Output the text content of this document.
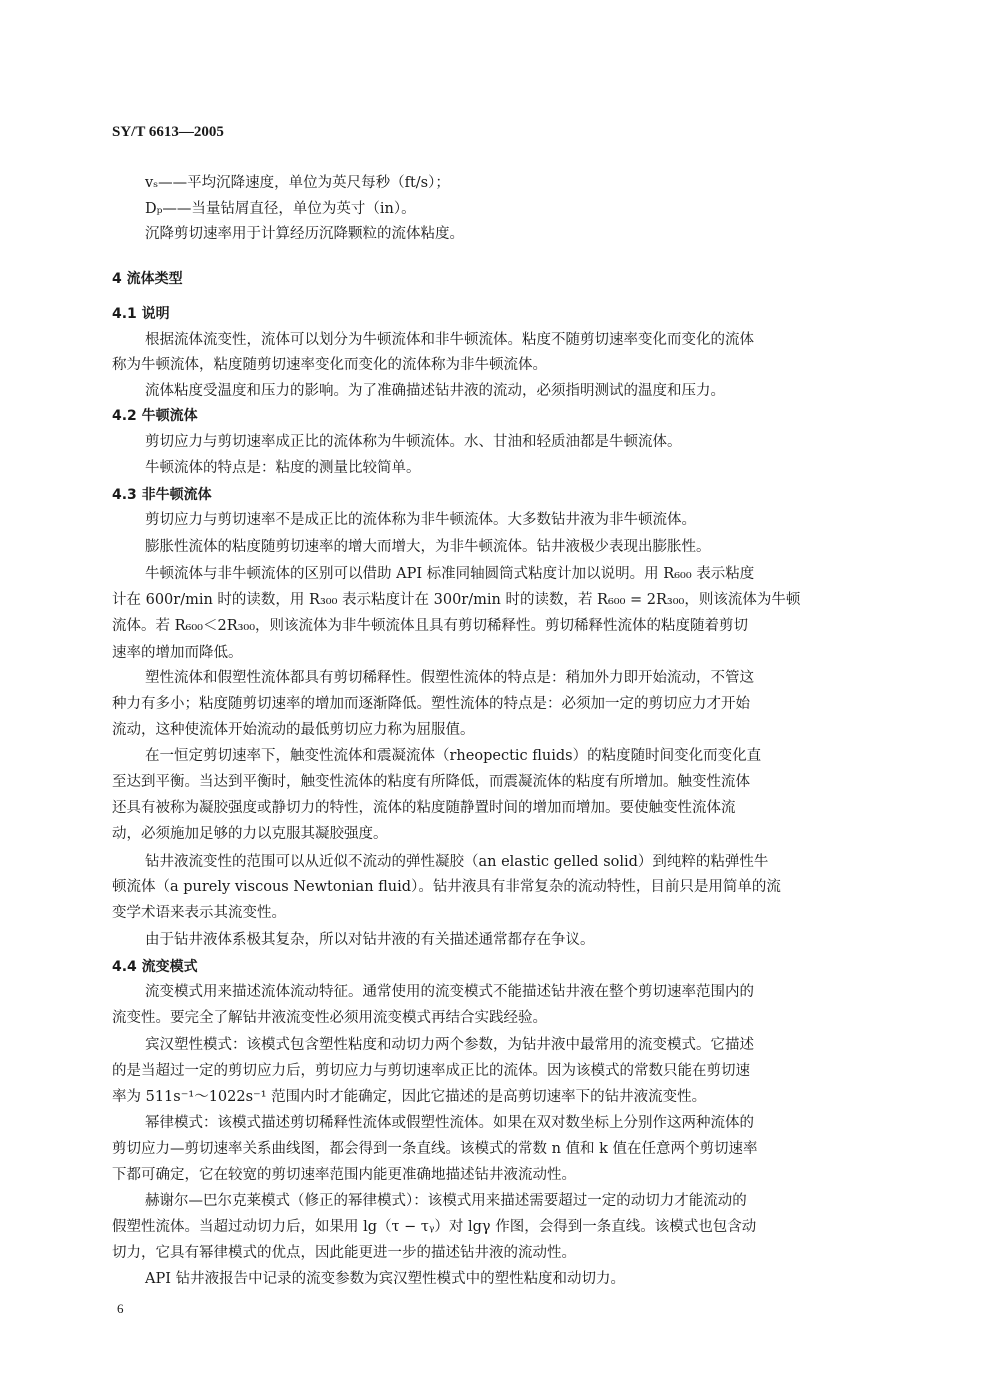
SY/T 6613—2005
vₛ——平均沉降速度，单位为英尺每秒（ft/s）；
Dₚ——当量钻屑直径，单位为英寸（in）。
沉降剪切速率用于计算经历沉降颗粒的流体粘度。
4 流体类型
4.1 说明
根据流体流变性，流体可以划分为牛顿流体和非牛顿流体。粘度不随剪切速率变化而变化的流体
称为牛顿流体，粘度随剪切速率变化而变化的流体称为非牛顿流体。
流体粘度受温度和压力的影响。为了准确描述钻井液的流动，必须指明测试的温度和压力。
4.2 牛顿流体
剪切应力与剪切速率成正比的流体称为牛顿流体。水、甘油和轻质油都是牛顿流体。
牛顿流体的特点是：粘度的测量比较简单。
4.3 非牛顿流体
剪切应力与剪切速率不是成正比的流体称为非牛顿流体。大多数钻井液为非牛顿流体。
膨胀性流体的粘度随剪切速率的增大而增大，为非牛顿流体。钻井液极少表现出膨胀性。
牛顿流体与非牛顿流体的区别可以借助 API 标准同轴圆筒式粘度计加以说明。用 R₆₀₀ 表示粘度
计在 600r/min 时的读数，用 R₃₀₀ 表示粘度计在 300r/min 时的读数，若 R₆₀₀ = 2R₃₀₀，则该流体为牛顿
流体。若 R₆₀₀＜2R₃₀₀，则该流体为非牛顿流体且具有剪切稀释性。剪切稀释性流体的粘度随着剪切
速率的增加而降低。
塑性流体和假塑性流体都具有剪切稀释性。假塑性流体的特点是：稍加外力即开始流动，不管这
种力有多小；粘度随剪切速率的增加而逐渐降低。塑性流体的特点是：必须加一定的剪切应力才开始
流动，这种使流体开始流动的最低剪切应力称为屈服值。
在一恒定剪切速率下，触变性流体和震凝流体（rheopectic fluids）的粘度随时间变化而变化直
至达到平衡。当达到平衡时，触变性流体的粘度有所降低，而震凝流体的粘度有所增加。触变性流体
还具有被称为凝胶强度或静切力的特性，流体的粘度随静置时间的增加而增加。要使触变性流体流
动，必须施加足够的力以克服其凝胶强度。
钻井液流变性的范围可以从近似不流动的弹性凝胶（an elastic gelled solid）到纯粹的粘弹性牛
顿流体（a purely viscous Newtonian fluid）。钻井液具有非常复杂的流动特性，目前只是用简单的流
变学术语来表示其流变性。
由于钻井液体系极其复杂，所以对钻井液的有关描述通常都存在争议。
4.4 流变模式
流变模式用来描述流体流动特征。通常使用的流变模式不能描述钻井液在整个剪切速率范围内的
流变性。要完全了解钻井液流变性必须用流变模式再结合实践经验。
宾汉塑性模式：该模式包含塑性粘度和动切力两个参数，为钻井液中最常用的流变模式。它描述
的是当超过一定的剪切应力后，剪切应力与剪切速率成正比的流体。因为该模式的常数只能在剪切速
率为 511s⁻¹～1022s⁻¹ 范围内时才能确定，因此它描述的是高剪切速率下的钻井液流变性。
幂律模式：该模式描述剪切稀释性流体或假塑性流体。如果在双对数坐标上分别作这两种流体的
剪切应力—剪切速率关系曲线图，都会得到一条直线。该模式的常数 n 值和 k 值在任意两个剪切速率
下都可确定，它在较宽的剪切速率范围内能更准确地描述钻井液流动性。
赫谢尔—巴尔克莱模式（修正的幂律模式）：该模式用来描述需要超过一定的动切力才能流动的
假塑性流体。当超过动切力后，如果用 lg（τ − τᵧ）对 lgγ 作图，会得到一条直线。该模式也包含动
切力，它具有幂律模式的优点，因此能更进一步的描述钻井液的流动性。
API 钻井液报告中记录的流变参数为宾汉塑性模式中的塑性粘度和动切力。
6
